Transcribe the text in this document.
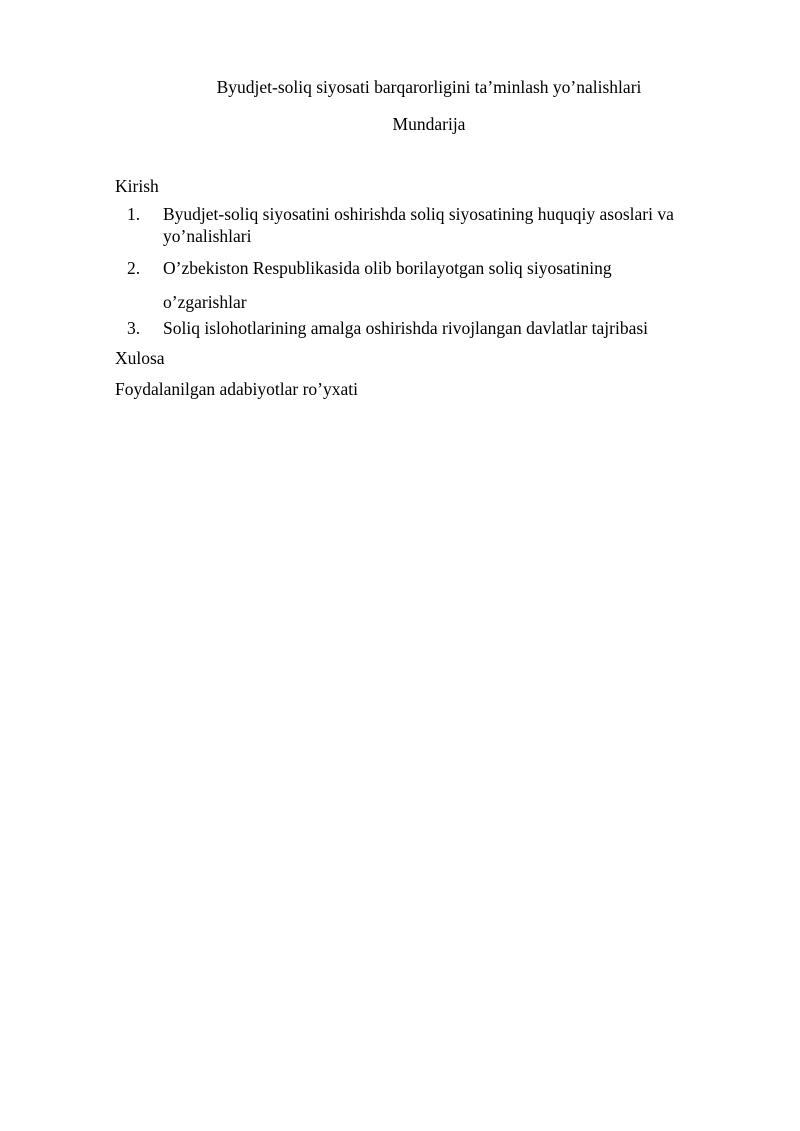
Byudjet-soliq siyosati barqarorligini ta’minlash yo’nalishlari
Mundarija
Kirish
1.	Byudjet-soliq siyosatini oshirishda soliq siyosatining huquqiy asoslari va
yo’nalishlari
2.	O’zbekiston Respublikasida olib borilayotgan soliq siyosatining
o’zgarishlar
3.	Soliq islohotlarining amalga oshirishda rivojlangan davlatlar tajribasi
Xulosa
Foydalanilgan adabiyotlar ro’yxati
